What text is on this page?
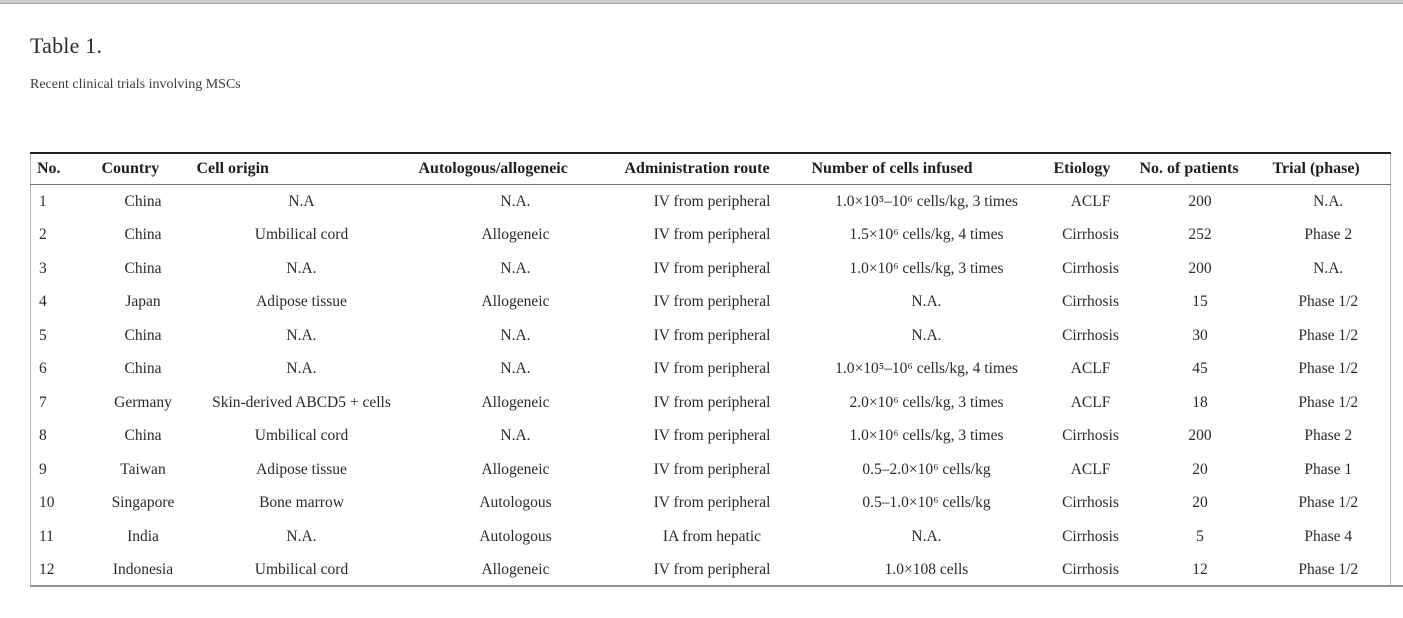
Table 1.

Recent clinical trials involving MSCs

No.	Country	Cell origin	Autologous/allogeneic	Administration route	Number of cells infused	Etiology	No. of patients	Trial (phase)
1	China	N.A	N.A.	IV from peripheral	1.0×10⁵–10⁶ cells/kg, 3 times	ACLF	200	N.A.
2	China	Umbilical cord	Allogeneic	IV from peripheral	1.5×10⁶ cells/kg, 4 times	Cirrhosis	252	Phase 2
3	China	N.A.	N.A.	IV from peripheral	1.0×10⁶ cells/kg, 3 times	Cirrhosis	200	N.A.
4	Japan	Adipose tissue	Allogeneic	IV from peripheral	N.A.	Cirrhosis	15	Phase 1/2
5	China	N.A.	N.A.	IV from peripheral	N.A.	Cirrhosis	30	Phase 1/2
6	China	N.A.	N.A.	IV from peripheral	1.0×10⁵–10⁶ cells/kg, 4 times	ACLF	45	Phase 1/2
7	Germany	Skin-derived ABCD5 + cells	Allogeneic	IV from peripheral	2.0×10⁶ cells/kg, 3 times	ACLF	18	Phase 1/2
8	China	Umbilical cord	N.A.	IV from peripheral	1.0×10⁶ cells/kg, 3 times	Cirrhosis	200	Phase 2
9	Taiwan	Adipose tissue	Allogeneic	IV from peripheral	0.5–2.0×10⁶ cells/kg	ACLF	20	Phase 1
10	Singapore	Bone marrow	Autologous	IV from peripheral	0.5–1.0×10⁶ cells/kg	Cirrhosis	20	Phase 1/2
11	India	N.A.	Autologous	IA from hepatic	N.A.	Cirrhosis	5	Phase 4
12	Indonesia	Umbilical cord	Allogeneic	IV from peripheral	1.0×108 cells	Cirrhosis	12	Phase 1/2
